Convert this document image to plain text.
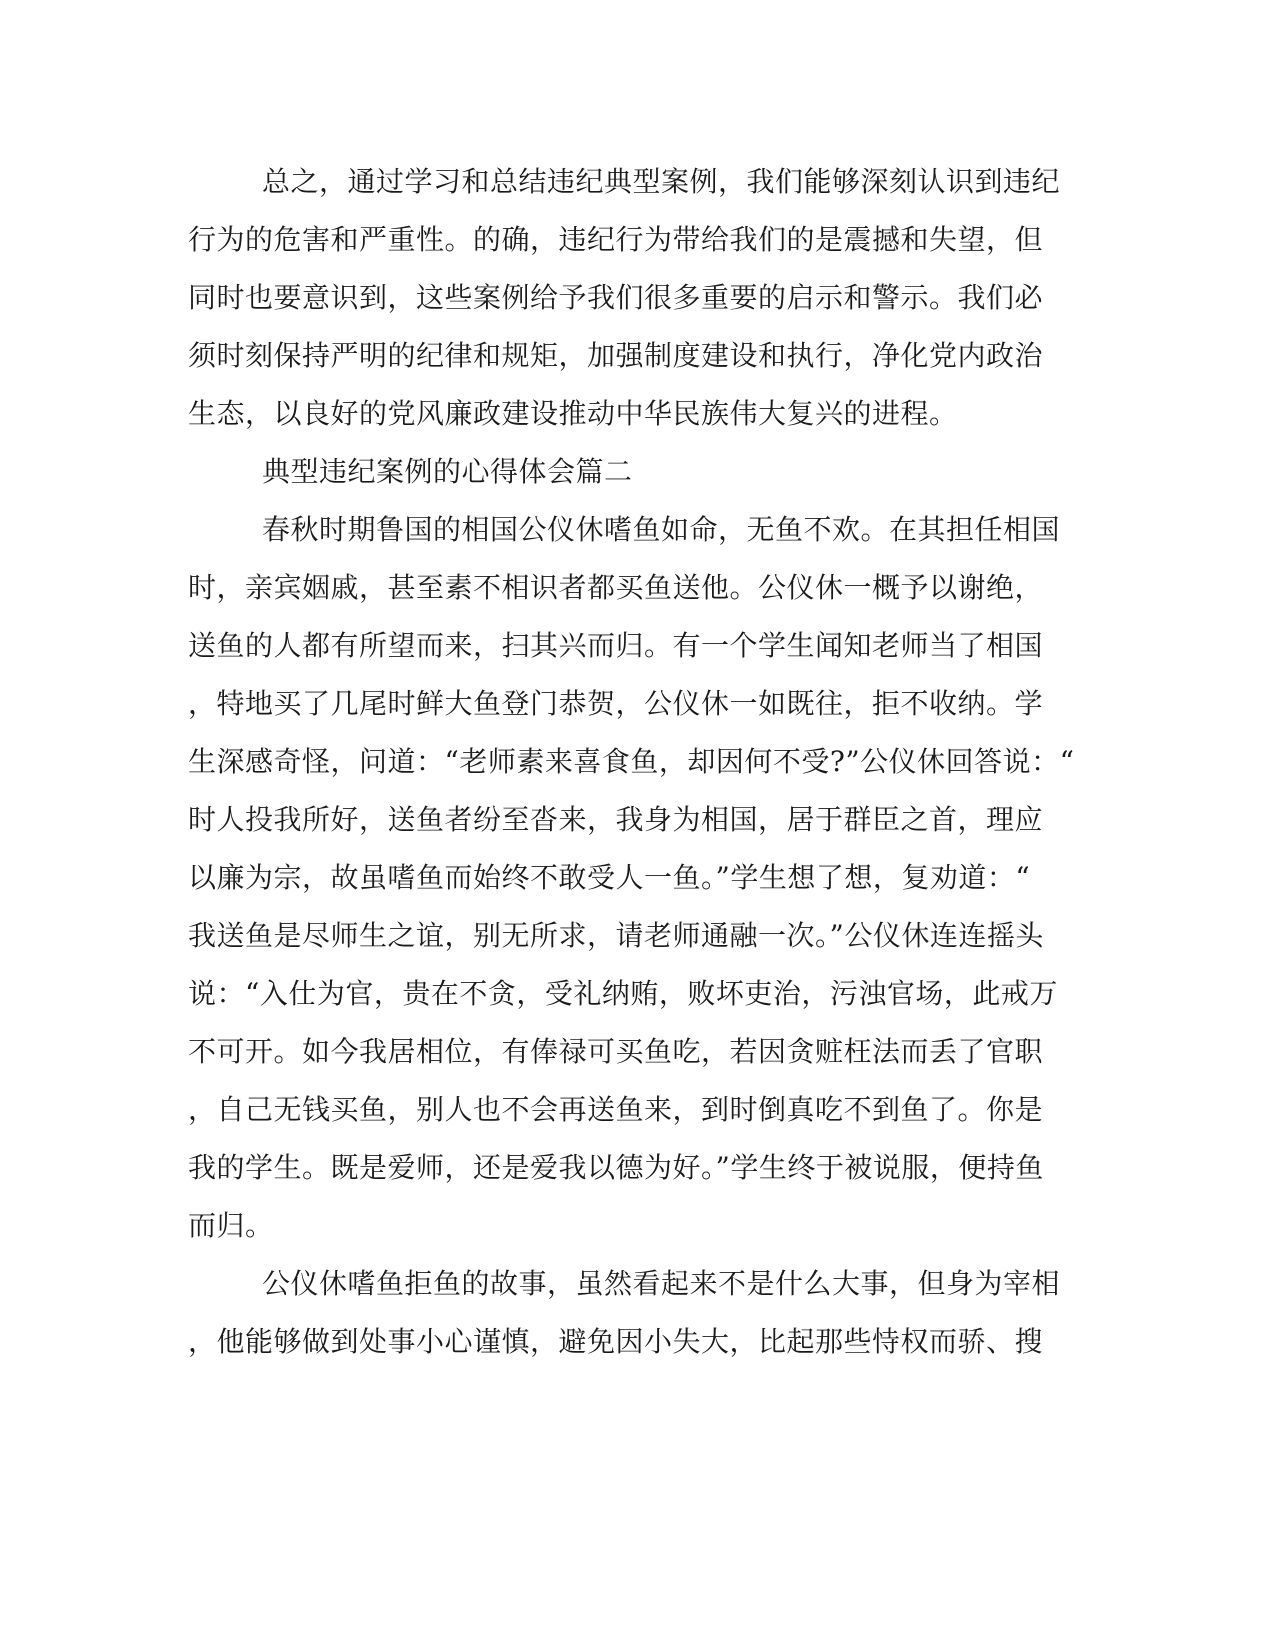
总之，通过学习和总结违纪典型案例，我们能够深刻认识到违纪

行为的危害和严重性。的确，违纪行为带给我们的是震撼和失望，但

同时也要意识到，这些案例给予我们很多重要的启示和警示。我们必

须时刻保持严明的纪律和规矩，加强制度建设和执行，净化党内政治

生态，以良好的党风廉政建设推动中华民族伟大复兴的进程。

典型违纪案例的心得体会篇二

春秋时期鲁国的相国公仪休嗜鱼如命，无鱼不欢。在其担任相国

时，亲宾姻戚，甚至素不相识者都买鱼送他。公仪休一概予以谢绝，

送鱼的人都有所望而来，扫其兴而归。有一个学生闻知老师当了相国

，特地买了几尾时鲜大鱼登门恭贺，公仪休一如既往，拒不收纳。学

生深感奇怪，问道：“老师素来喜食鱼，却因何不受?”公仪休回答说：“

时人投我所好，送鱼者纷至沓来，我身为相国，居于群臣之首，理应

以廉为宗，故虽嗜鱼而始终不敢受人一鱼。”学生想了想，复劝道：“

我送鱼是尽师生之谊，别无所求，请老师通融一次。”公仪休连连摇头

说：“入仕为官，贵在不贪，受礼纳贿，败坏吏治，污浊官场，此戒万

不可开。如今我居相位，有俸禄可买鱼吃，若因贪赃枉法而丢了官职

，自己无钱买鱼，别人也不会再送鱼来，到时倒真吃不到鱼了。你是

我的学生。既是爱师，还是爱我以德为好。”学生终于被说服，便持鱼

而归。

公仪休嗜鱼拒鱼的故事，虽然看起来不是什么大事，但身为宰相

，他能够做到处事小心谨慎，避免因小失大，比起那些恃权而骄、搜
